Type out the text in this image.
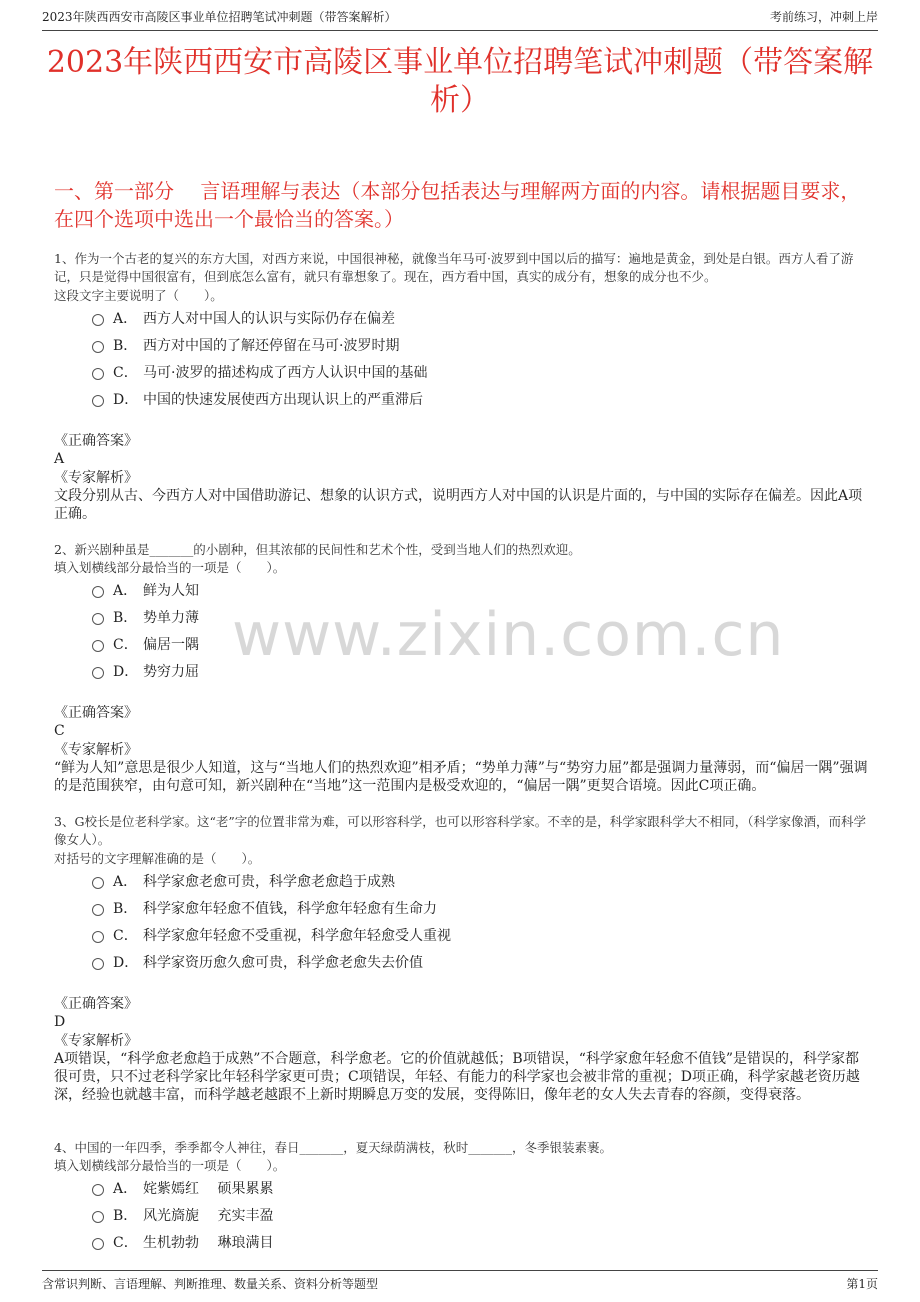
2023年陕西西安市高陵区事业单位招聘笔试冲刺题（带答案解析）	考前练习，冲刺上岸
2023年陕西西安市高陵区事业单位招聘笔试冲刺题（带答案解析）
一、第一部分　 言语理解与表达（本部分包括表达与理解两方面的内容。请根据题目要求，在四个选项中选出一个最恰当的答案。）
www.zixin.com.cn
1、作为一个古老的复兴的东方大国，对西方来说，中国很神秘，就像当年马可·波罗到中国以后的描写：遍地是黄金，到处是白银。西方人看了游记，只是觉得中国很富有，但到底怎么富有，就只有靠想象了。现在，西方看中国，真实的成分有，想象的成分也不少。
这段文字主要说明了（　　）。
A． 西方人对中国人的认识与实际仍存在偏差
B． 西方对中国的了解还停留在马可·波罗时期
C． 马可·波罗的描述构成了西方人认识中国的基础
D． 中国的快速发展使西方出现认识上的严重滞后
《正确答案》
A
《专家解析》
文段分别从古、今西方人对中国借助游记、想象的认识方式，说明西方人对中国的认识是片面的，与中国的实际存在偏差。因此A项正确。
2、新兴剧种虽是_______的小剧种，但其浓郁的民间性和艺术个性，受到当地人们的热烈欢迎。
填入划横线部分最恰当的一项是（　　）。
A． 鲜为人知
B． 势单力薄
C． 偏居一隅
D． 势穷力屈
《正确答案》
C
《专家解析》
“鲜为人知”意思是很少人知道，这与“当地人们的热烈欢迎”相矛盾；“势单力薄”与“势穷力屈”都是强调力量薄弱，而“偏居一隅”强调的是范围狭窄，由句意可知，新兴剧种在“当地”这一范围内是极受欢迎的，“偏居一隅”更契合语境。因此C项正确。
3、G校长是位老科学家。这“老”字的位置非常为难，可以形容科学，也可以形容科学家。不幸的是，科学家跟科学大不相同，（科学家像酒，而科学像女人）。
对括号的文字理解准确的是（　　）。
A． 科学家愈老愈可贵，科学愈老愈趋于成熟
B． 科学家愈年轻愈不值钱，科学愈年轻愈有生命力
C． 科学家愈年轻愈不受重视，科学愈年轻愈受人重视
D． 科学家资历愈久愈可贵，科学愈老愈失去价值
《正确答案》
D
《专家解析》
A项错误，“科学愈老愈趋于成熟”不合题意，科学愈老。它的价值就越低；B项错误，“科学家愈年轻愈不值钱”是错误的，科学家都很可贵，只不过老科学家比年轻科学家更可贵；C项错误，年轻、有能力的科学家也会被非常的重视；D项正确，科学家越老资历越深，经验也就越丰富，而科学越老越跟不上新时期瞬息万变的发展，变得陈旧，像年老的女人失去青春的容颜，变得衰落。
4、中国的一年四季，季季都令人神往，春日_______，夏天绿荫满枝，秋时_______，冬季银装素裹。
填入划横线部分最恰当的一项是（　　）。
A． 姹紫嫣红　 硕果累累
B． 风光旖旎　 充实丰盈
C． 生机勃勃　 琳琅满目
含常识判断、言语理解、判断推理、数量关系、资料分析等题型	第1页
